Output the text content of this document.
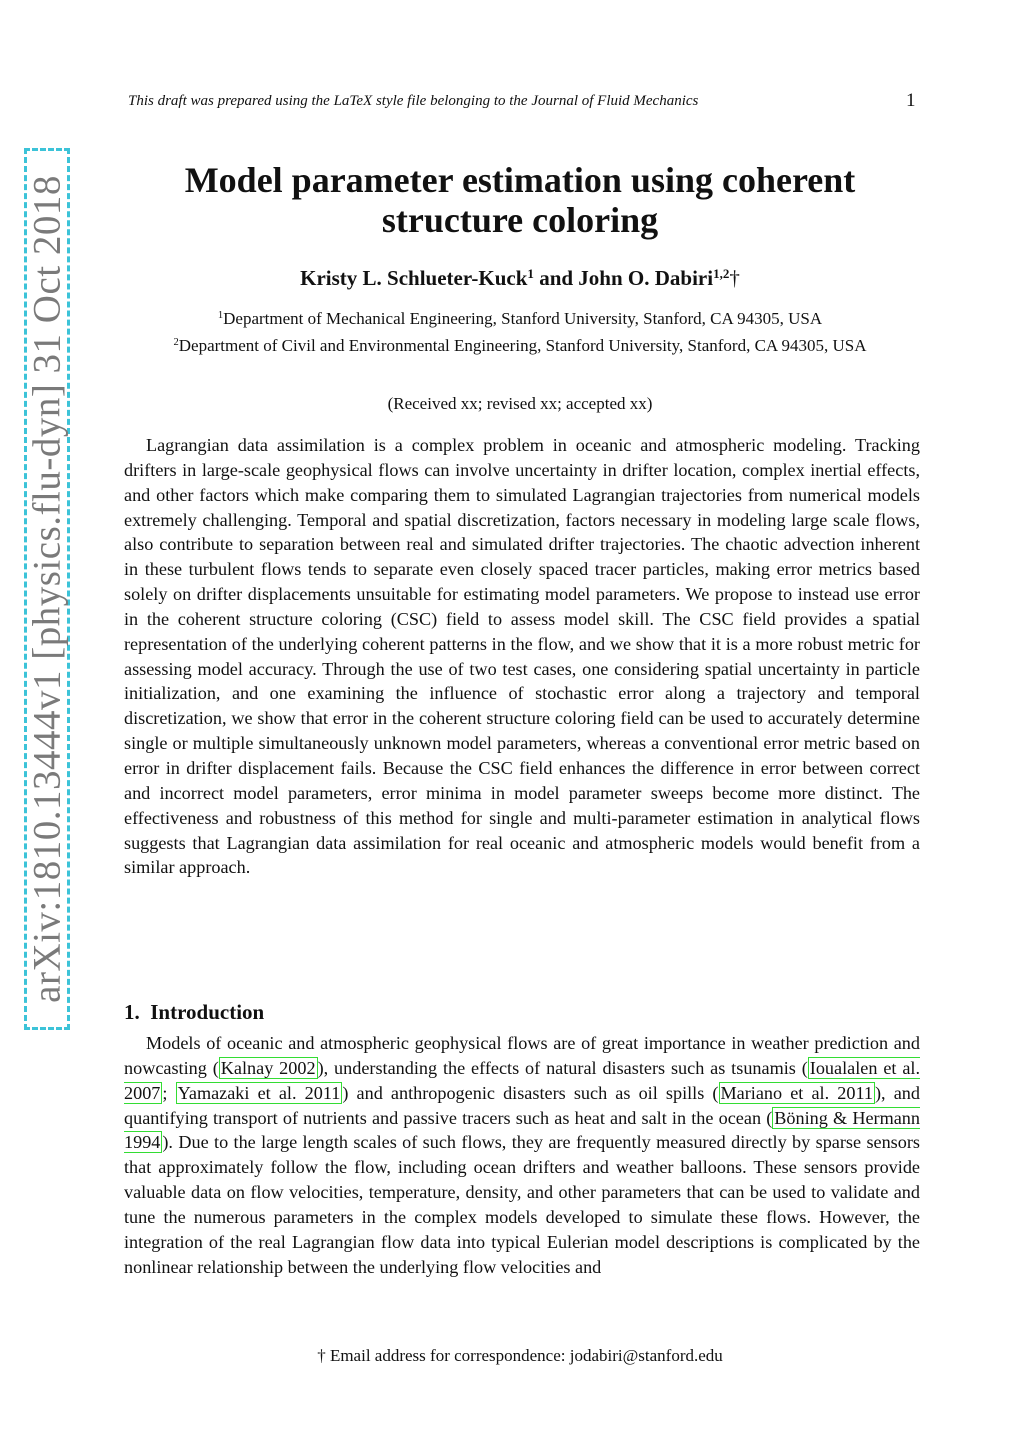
arXiv:1810.13444v1 [physics.flu-dyn] 31 Oct 2018
This draft was prepared using the LaTeX style file belonging to the Journal of Fluid Mechanics	1
Model parameter estimation using coherent
structure coloring
Kristy L. Schlueter-Kuck$^1$ and John O. Dabiri$^{1,2}$†
$^1$Department of Mechanical Engineering, Stanford University, Stanford, CA 94305, USA
$^2$Department of Civil and Environmental Engineering, Stanford University, Stanford, CA 94305, USA
(Received xx; revised xx; accepted xx)

Lagrangian data assimilation is a complex problem in oceanic and atmospheric modeling. Tracking drifters in large-scale geophysical flows can involve uncertainty in drifter location, complex inertial effects, and other factors which make comparing them to simulated Lagrangian trajectories from numerical models extremely challenging. Temporal and spatial discretization, factors necessary in modeling large scale flows, also contribute to separation between real and simulated drifter trajectories. The chaotic advection inherent in these turbulent flows tends to separate even closely spaced tracer particles, making error metrics based solely on drifter displacements unsuitable for estimating model parameters. We propose to instead use error in the coherent structure coloring (CSC) field to assess model skill. The CSC field provides a spatial representation of the underlying coherent patterns in the flow, and we show that it is a more robust metric for assessing model accuracy. Through the use of two test cases, one considering spatial uncertainty in particle initialization, and one examining the influence of stochastic error along a trajectory and temporal discretization, we show that error in the coherent structure coloring field can be used to accurately determine single or multiple simultaneously unknown model parameters, whereas a conventional error metric based on error in drifter displacement fails. Because the CSC field enhances the difference in error between correct and incorrect model parameters, error minima in model parameter sweeps become more distinct. The effectiveness and robustness of this method for single and multi-parameter estimation in analytical flows suggests that Lagrangian data assimilation for real oceanic and atmospheric models would benefit from a similar approach.

1. Introduction

Models of oceanic and atmospheric geophysical flows are of great importance in weather prediction and nowcasting ( Kalnay 2002 ), understanding the effects of natural disasters such as tsunamis ( Ioualalen et al. 2007 ; Yamazaki et al. 2011 ) and anthropogenic disasters such as oil spills ( Mariano et al. 2011 ), and quantifying transport of nutrients and passive tracers such as heat and salt in the ocean ( Böning & Hermann 1994 ). Due to the large length scales of such flows, they are frequently measured directly by sparse sensors that approximately follow the flow, including ocean drifters and weather balloons. These sensors provide valuable data on flow velocities, temperature, density, and other parameters that can be used to validate and tune the numerous parameters in the complex models developed to simulate these flows. However, the integration of the real Lagrangian flow data into typical Eulerian model descriptions is complicated by the nonlinear relationship between the underlying flow velocities and

† Email address for correspondence: jodabiri@stanford.edu
